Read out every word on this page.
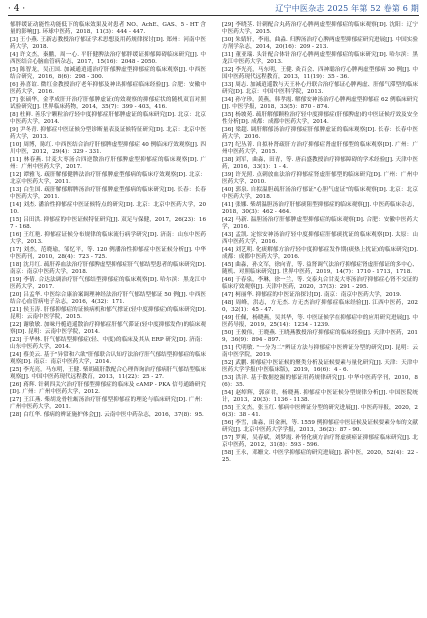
· 4 ·	辽宁中医杂志 2025 年第 52 卷第 6 期

郁胖缓证动能性功能低下的临床效果及对患者 NO、AchE、GAS、5 - HT 含量的影响[J]. 环球中医药，2018，11(3)：444 - 447.

[3] 王小燕. 王新志教授治疗郁证学术思想及用药规律探讨[D]. 郑州：河南中医药大学，2018.

[4] 许文杰，秦鹏，周一心. 平肝健脾法治疗郁胖缓证抑郁障碍临床研究[J]. 中西医结合心脑血管病杂志，2017，15(16)：2048 - 2050.

[5] 陈智龙，吴正国. 加减通逍遥治疗肝郁脾虚型抑郁症的临床观察[J]. 中西医结合研究，2016，8(6)：298 - 300.

[6] 孙喜谊. 微红金教授治疗老年抑郁及神出抑郁症临床经验[J]. 合肥：安徽中医药大学，2016.

[7] 张硕华，金孝成肝开治疗肝郁脾虚证(的效观察的抑郁症状的随机双盲对照试验研究[J]. 世界临床药物，2014，35(7)：399 - 403，416.

[8] 杜鲜. 善乐宁颗粒治疗轻中度抑郁症肝郁脾虚证的临床研究[D]. 北京：北京中医药大学，2014.

[9] 尹冬青. 抑郁症中医证候分型诊断量表及证候特征研究[D]. 北京：北京中医药大学，2013.

[10] 周博，陈红. 中西医结合治疗肝郁脾虚型抑郁症 40 例临床疗效观察[J]. 四川中医，2012，29(4)：329 - 331.

[11] 林春燕. 甘麦大枣汤合四逆散治疗肝郁脾虚型抑郁症的临床观察[D]. 广州：广州中医药大学，2017.

[12] 谭雅飞. 疏肝解郁健脾法治疗肝郁脾虚型郁病的临床疗效观察[D]. 北京：北京中医药大学，2011.

[13] 白生国. 疏肝解郁解脾汤治疗肝郁脾虚型郁病的临床研究[D]. 长春：长春中医药大学，2011.

[14] 刘杰. 潘治性抑郁症中医证候特点的研究[D]. 北京：北京中医药大学，2010.

[15] 吕田洪. 抑郁症的中医证候特征研究[J]. 双足与保健，2017，26(23)：167 - 168.

[16] 王红艳. 抑郁症证候分布规律的临床流行病学研究[D]. 济南：山东中医药大学，2013.

[17] 刘杰，范晓瑜，邹忆平，等. 120 例潘治性抑郁症中医证候分析[J]. 中华中医药刊，2010，28(4)：723 - 725.

[18] 沈月红. 疏肝养血法治疗肝郁脾虚型抑郁症肝气郁结型患者的临床研究[D]. 南京：南京中医药大学，2018.

[19] 李倩. 合达法调治疗肝气郁结型抑郁症的临床观察[D]. 哈尔滨：黑龙江中医药大学，2017.

[20] 吕孟华. 中医综合康治案调理神经法治疗肝气郁结型郁证 50 例[J]. 中西医结合心血管病电子杂志，2016，4(32)：171.

[21] 侯玉涛. 肝郁抑郁症的证候病机和郁气撑证(轻中度抑郁症)的临床研究[D]. 昆明：云南中医学院，2015.

[22] 谢敏敏. 加味丹栀逍遥散治疗抑郁症肝郁气滞证(轻中度抑郁发作)的临床观察[D]. 昆明：云南中医学院，2014.

[23] 于华林. 肝气郁结型抑郁症(轻、中度)的临床及其从 ERP 研究[D]. 济南：山东中医药大学，2014.

[24] 蔡美云. 基于"异常和六欲"肝郁联合认知疗法治疗肝气郁结型抑郁症的临床观察[D]. 南京：南京中医药大学，2014.

[25] 李光亮，马东明，王健. 柴胡疏肝散配合心理咨询治疗郁病肝气郁结型临床观察[J]. 中国中医药现代远程教育，2013，11(22)：25 - 27.

[26] 蒋辉. 针刺四关穴治疗肝郁型抑郁症的临床及 cAMP - PKA 信号通路研究[D]. 广州：广州中医药大学，2012.

[27] 王江燕. 柴胡龙骨牡蛎汤治疗肝郁型抑郁症的理论与临床研究[D]. 广州：广州中医药大学，2011.

[28] 白红华. 郁病的辨证施护体会[J]. 云南中医中药杂志，2016，37(8)：95.

[29] 李晓茎. 针刺配合丸药治疗心脾两虚型抑郁症的临床观察[D]. 沈阳：辽宁中医药大学，2015.

[30] 朱婧轩，李雨，曲淼. 归脾汤治疗心脾两虚型抑郁症研究进展[J]. 中国实验方剂学杂志，2014，20(16)：209 - 213.

[31] 董亚瑞. 头针配合体针治疗心脾两虚型抑郁症的临床研究[D]. 哈尔滨：黑龙江中医药大学，2013.

[32] 李光亮，马东明，王健. 灸百会、四神聪治疗心脾两虚型郁病 30 例[J]. 中国中医药现代远程教育，2013，11(19)：35 - 36.

[33] 周志. 加减逍遥散与天王补心丹联合治疗郁证心脾两虚、肝郁气滞型的临床研究[D]. 北京：中国中医科学院，2013.

[34] 孙守珍，黄燕，韩孝霞. 解郁安神汤治疗心脾两虚型抑郁症 62 例临床研究[J]. 中医学报，2018，33(5)：870 - 874.

[35] 杨坡苑. 疏肝解郁颗粒治疗轻中度抑郁症(肝郁脾虚)的中医证候疗效及安全性分析[D]. 成都：成都中医药大学，2014.

[36] 梁超. 调肝解郁汤治疗抑郁症肝郁脾虚证的临床观察[D]. 长春：长春中医药大学，2016.

[37] 纪丛菁. 自拟补肾疏肝方治疗抑郁症肾虚肝郁型的临床观察[D]. 广州：广州中医药大学，2015.

[38] 刘军，曲淼，田青，等. 唐启盛教授治疗抑郁障碍的学术经验[J]. 天津中医药，2016，33(1)：1 - 4.

[39] 许光照. 点刺放血法治疗抑郁症肾虚肝郁型的临床研究[D]. 广州：广州中医药大学，2010.

[40] 郭泉. 自拟温胆疏肝汤治疗郁证"心胆气虚证"的临床观察[D]. 北京：北京中医药大学，2018.

[41] 张娜. 柴胡温胆汤治疗肝郁痰阻型抑郁症的临床观察[J]. 中医药临床杂志，2018，30(3)：462 - 464.

[42] 马新. 温胆汤治疗肝郁脾虚型抑郁症的临床观察[D]. 合肥：安徽中医药大学，2016.

[43] 孟凯. 定惊安神汤治疗轻中度抑郁症肝郁痰扰证的临床观察[D]. 太原：山西中医药大学，2016.

[44] 刘艺明. 化痰解郁方治疗轻中度抑郁症发作期(痰热上扰证)的临床研究[D]. 成都：成都中医药大学，2016.

[45] 曲淼，孙文军，徐向青，等. 益肾调气法治疗抑郁症肾虚肝郁证的多中心、随机、对照临床研究[J]. 世界中医药，2019，14(7)：1710 - 1713，1718.

[46] 于春泉，李琳，徐一兰，等. 交泰丸合甘麦大枣汤治疗抑郁症心肾不交证的临床疗效观察[J]. 天津中医药，2020，37(3)：291 - 295.

[47] 柯丽华. 抑郁症的中医证治探讨[D]. 南京：南京中医药大学，2019.

[48] 周峰，洪志，方无杰. 方无杰治疗抑郁症临床经验[J]. 江西中医药，2020，32(1)：45 - 47.

[49] 任佩，杨晓燕，吴其华，等. 中医证候学在抑郁症中的应用研究进展[J]. 中医药导报，2019，25(14)：1234 - 1239.

[50] 王俊伟，王晓燕. 王晓燕教授治疗抑郁症的临床经验[J]. 天津中医药，2019，36(9)：894 - 897.

[51] 代明敏. "一分为二"辨证方法与抑郁症中医辨证分型的研究[D]. 昆明：云南中医学院，2019.

[52] 武鹏. 抑郁症中医证候的聚类分析及证候要素与量化研究[J]. 天津：天津中医药大学学报(中医临床版)，2019，16(6)：4 - 6.

[53] 洪洋. 基于数据挖掘的郁证用药规律研究[J]. 中华中医药学刊，2010，8(6)：35.

[54] 赵绰辉，郭彦君，杨晓燕. 抑郁症中医证候分型规律分析[J]. 中国医院统计，2013，20(3)：1136 - 1138.

[55] 王文杰，张玉红. 郁病中医辨证分型的研究进展[J]. 中医药导报，2020，26(3)：38 - 41.

[56] 李雪，曲淼，田金洲，等. 1559 例抑郁症中医证候及证候要素分布的文献研究[J]. 北京中医药大学学报，2013，36(2)：87 - 90.

[57] 罗爽，吴春斌，刘梦霞. 补肾化痰方治疗肾虚痰瘀证抑郁症临床研究[J]. 北京中医药，2012，31(8)：593 - 596.

[58] 王永，邓姗文. 中医学抑郁症的研究进展[J]. 新中医，2020，52(4)：22 - 25.
